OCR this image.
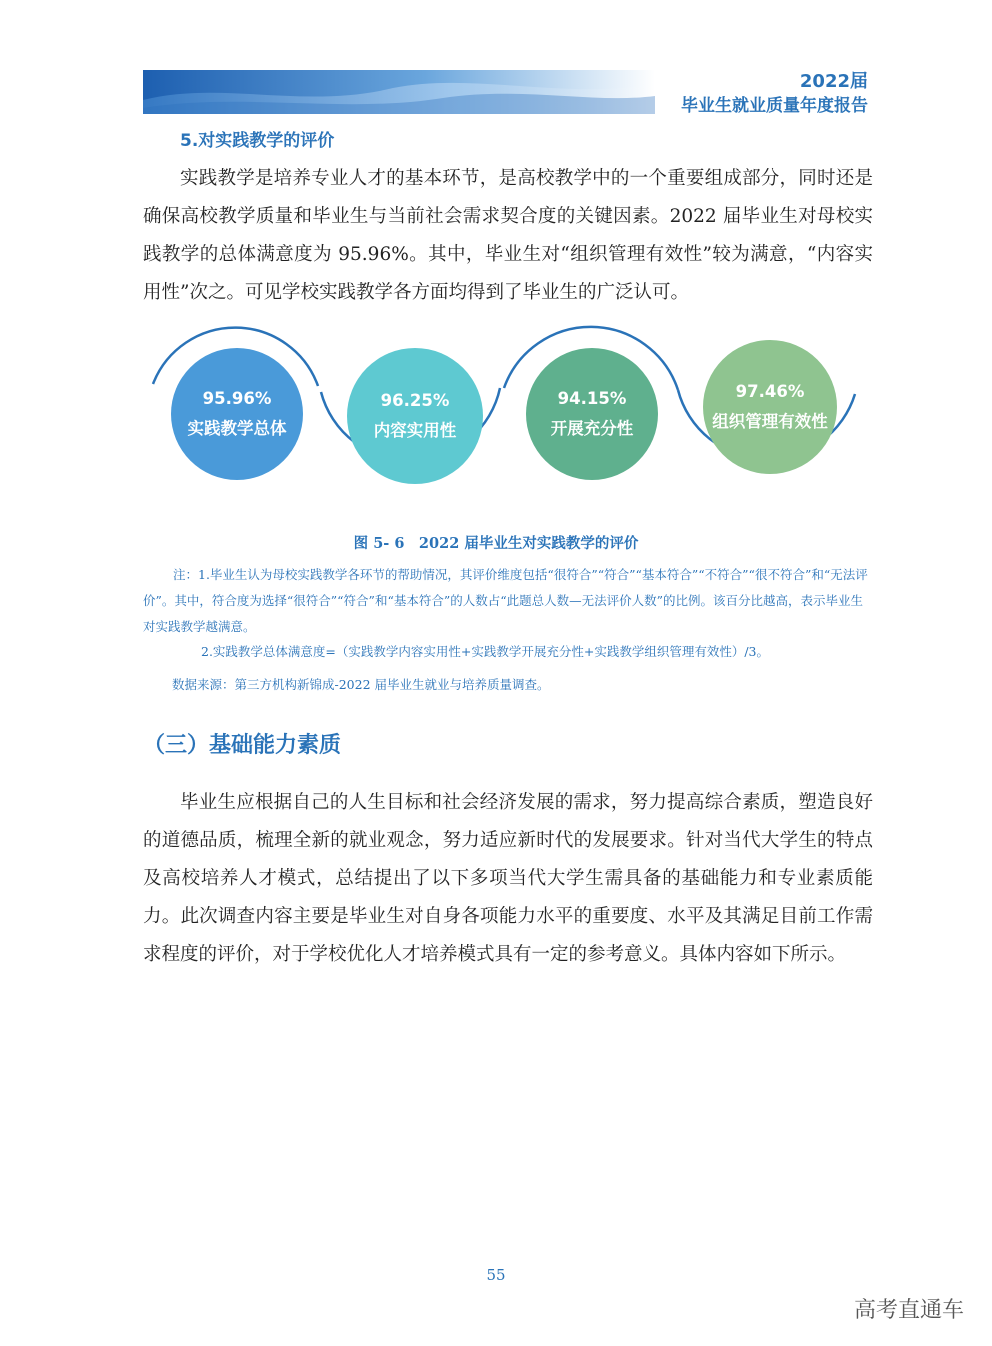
2022届
毕业生就业质量年度报告
5.对实践教学的评价
实践教学是培养专业人才的基本环节，是高校教学中的一个重要组成部分，同时还是确保高校教学质量和毕业生与当前社会需求契合度的关键因素。2022 届毕业生对母校实践教学的总体满意度为 95.96%。其中，毕业生对“组织管理有效性”较为满意，“内容实用性”次之。可见学校实践教学各方面均得到了毕业生的广泛认可。
95.96%
实践教学总体
96.25%
内容实用性
94.15%
开展充分性
97.46%
组织管理有效性
图 5- 6　2022 届毕业生对实践教学的评价
注：1.毕业生认为母校实践教学各环节的帮助情况，其评价维度包括“很符合”“符合”“基本符合”“不符合”“很不符合”和“无法评价”。其中，符合度为选择“很符合”“符合”和“基本符合”的人数占“此题总人数—无法评价人数”的比例。该百分比越高，表示毕业生对实践教学越满意。
2.实践教学总体满意度=（实践教学内容实用性+实践教学开展充分性+实践教学组织管理有效性）/3。
数据来源：第三方机构新锦成-2022 届毕业生就业与培养质量调查。
（三）基础能力素质
毕业生应根据自己的人生目标和社会经济发展的需求，努力提高综合素质，塑造良好的道德品质，梳理全新的就业观念，努力适应新时代的发展要求。针对当代大学生的特点及高校培养人才模式，总结提出了以下多项当代大学生需具备的基础能力和专业素质能力。此次调查内容主要是毕业生对自身各项能力水平的重要度、水平及其满足目前工作需求程度的评价，对于学校优化人才培养模式具有一定的参考意义。具体内容如下所示。
55
高考直通车
